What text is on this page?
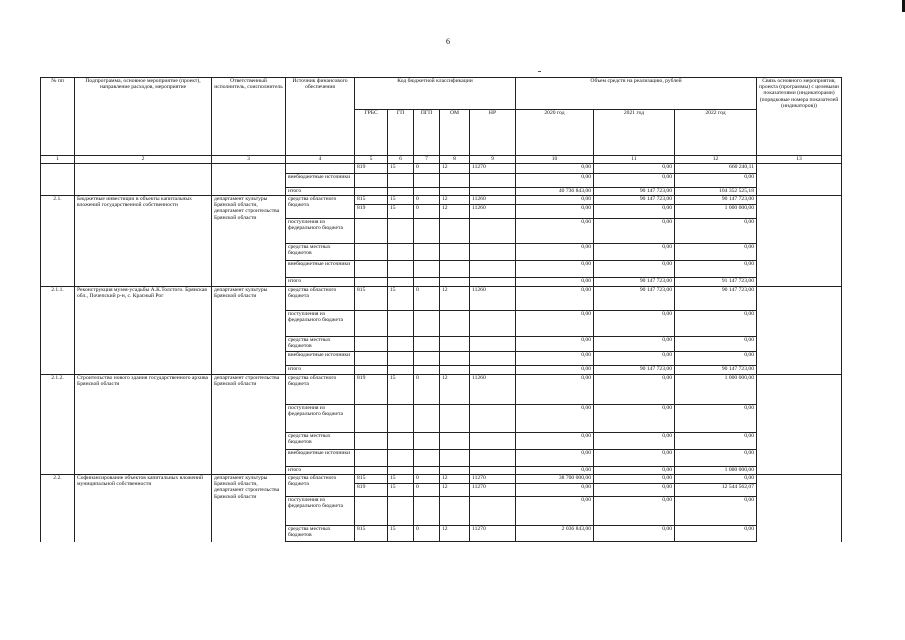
6
№ пп	Подпрограмма, основное мероприятие (проект), направление расходов, мероприятие	Ответственный исполнитель, соисполнитель	Источник финансового обеспечения	Код бюджетной классификации					Объем средств на реализацию, рублей			Связь основного мероприятия, проекта (программы) с целевыми показателями (индикаторами) (порядковые номера показателей (индикаторов))
				ГРБС	ГП	ПГП	ОМ	НР	2020 год	2021 год	2022 год	
1	2	3	4	5	6	7	8	9	10	11	12	13
				819	15	0	12	11270	0,00	0,00	660 240,11	
			внебюджетные источники						0,00	0,00	0,00	
			итого						40 736 843,00	90 147 723,00	104 352 525,18	
2.1.	Бюджетные инвестиции в объекты капитальных вложений государственной собственности	департамент культуры Брянской области, департамент строительства Брянской области	средства областного бюджета	815	15	0	12	11260	0,00	90 147 723,00	90 147 723,00	
				819	15	0	12	11260	0,00	0,00	1 000 000,00	
			поступления из федерального бюджета						0,00	0,00	0,00	
			средства местных бюджетов						0,00	0,00	0,00	
			внебюджетные источники						0,00	0,00	0,00	
			итого						0,00	90 147 723,00	91 147 723,00	
2.1.1.	Реконструкция музея-усадьбы А.К.Толстого. Брянская обл., Почепский р-н, с. Красный Рог	департамент культуры Брянской области	средства областного бюджета	815	15	0	12	11260	0,00	90 147 723,00	90 147 723,00	
			поступления из федерального бюджета						0,00	0,00	0,00	
			средства местных бюджетов						0,00	0,00	0,00	
			внебюджетные источники						0,00	0,00	0,00	
			итого						0,00	90 147 723,00	90 147 723,00	
2.1.2.	Строительство нового здания государственного архива Брянской области	департамент строительства Брянской области	средства областного бюджета	819	15	0	12	11260	0,00	0,00	1 000 000,00	
			поступления из федерального бюджета						0,00	0,00	0,00	
			средства местных бюджетов						0,00	0,00	0,00	
			внебюджетные источники						0,00	0,00	0,00	
			итого						0,00	0,00	1 000 000,00	
2.2.	Софинансирование объектов капитальных вложений муниципальной собственности	департамент культуры Брянской области, департамент строительства Брянской области	средства областного бюджета	815	15	0	12	11270	38 700 000,00	0,00	0,00	
				819	15	0	12	11270	0,00	0,00	12 544 562,07	
			поступления из федерального бюджета						0,00	0,00	0,00	
			средства местных бюджетов	815	15	0	12	11270	2 036 843,00	0,00	0,00	
